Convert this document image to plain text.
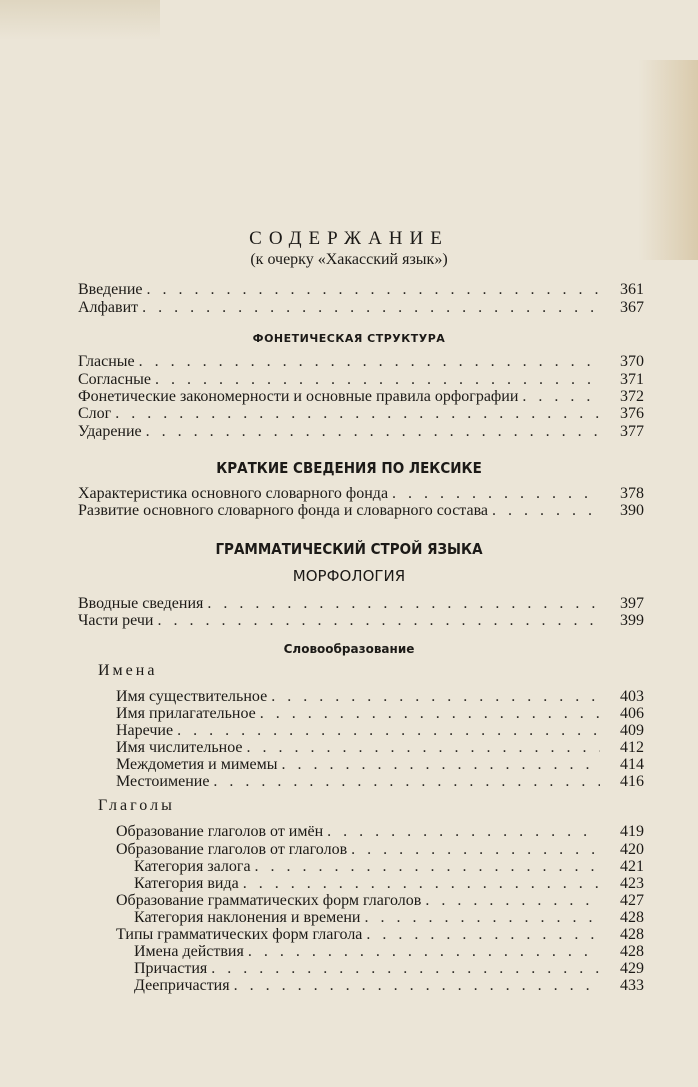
СОДЕРЖАНИЕ
(к очерку «Хакасский язык»)
Введение . . .	361
Алфавит . . .	367
ФОНЕТИЧЕСКАЯ СТРУКТУРА
Гласные . . .	370
Согласные . . .	371
Фонетические закономерности и основные правила орфографии . . .	372
Слог . . .	376
Ударение . . .	377
КРАТКИЕ СВЕДЕНИЯ ПО ЛЕКСИКЕ
Характеристика основного словарного фонда . . .	378
Развитие основного словарного фонда и словарного состава . . .	390
ГРАММАТИЧЕСКИЙ СТРОЙ ЯЗЫКА
МОРФОЛОГИЯ
Вводные сведения . . .	397
Части речи . . .	399
Словообразование
Имена
Имя существительное . . .	403
Имя прилагательное . . .	406
Наречие . . .	409
Имя числительное . . .	412
Междометия и мимемы . . .	414
Местоимение . . .	416
Глаголы
Образование глаголов от имён . . .	419
Образование глаголов от глаголов . . .	420
Категория залога . . .	421
Категория вида . . .	423
Образование грамматических форм глаголов . . .	427
Категория наклонения и времени . . .	428
Типы грамматических форм глагола . . .	428
Имена действия . . .	428
Причастия . . .	429
Деепричастия . . .	433
